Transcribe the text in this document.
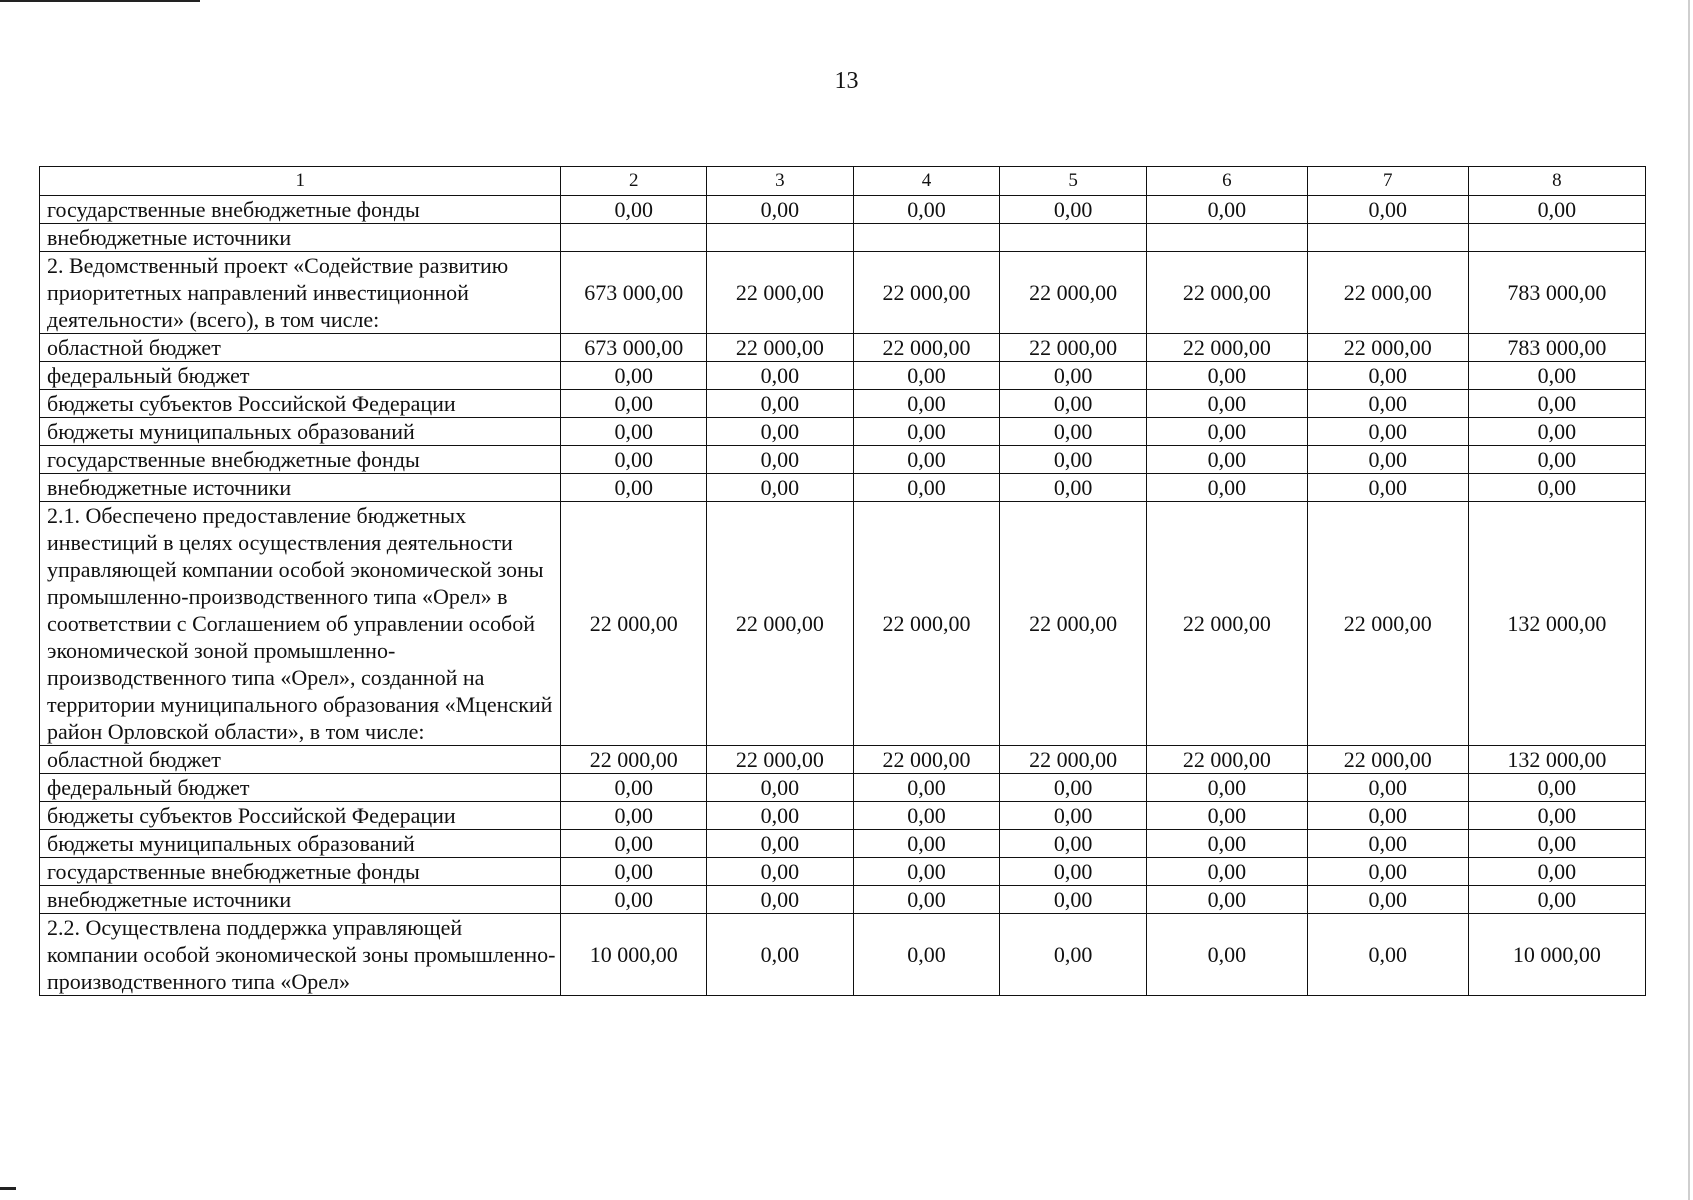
13
1	2	3	4	5	6	7	8
государственные внебюджетные фонды	0,00	0,00	0,00	0,00	0,00	0,00	0,00
внебюджетные источники							
2. Ведомственный проект «Содействие развитию приоритетных направлений инвестиционной деятельности» (всего), в том числе:	673 000,00	22 000,00	22 000,00	22 000,00	22 000,00	22 000,00	783 000,00
областной бюджет	673 000,00	22 000,00	22 000,00	22 000,00	22 000,00	22 000,00	783 000,00
федеральный бюджет	0,00	0,00	0,00	0,00	0,00	0,00	0,00
бюджеты субъектов Российской Федерации	0,00	0,00	0,00	0,00	0,00	0,00	0,00
бюджеты муниципальных образований	0,00	0,00	0,00	0,00	0,00	0,00	0,00
государственные внебюджетные фонды	0,00	0,00	0,00	0,00	0,00	0,00	0,00
внебюджетные источники	0,00	0,00	0,00	0,00	0,00	0,00	0,00
2.1. Обеспечено предоставление бюджетных инвестиций в целях осуществления деятельности управляющей компании особой экономической зоны промышленно-производственного типа «Орел» в соответствии с Соглашением об управлении особой экономической зоной промышленно-производственного типа «Орел», созданной на территории муниципального образования «Мценский район Орловской области», в том числе:	22 000,00	22 000,00	22 000,00	22 000,00	22 000,00	22 000,00	132 000,00
областной бюджет	22 000,00	22 000,00	22 000,00	22 000,00	22 000,00	22 000,00	132 000,00
федеральный бюджет	0,00	0,00	0,00	0,00	0,00	0,00	0,00
бюджеты субъектов Российской Федерации	0,00	0,00	0,00	0,00	0,00	0,00	0,00
бюджеты муниципальных образований	0,00	0,00	0,00	0,00	0,00	0,00	0,00
государственные внебюджетные фонды	0,00	0,00	0,00	0,00	0,00	0,00	0,00
внебюджетные источники	0,00	0,00	0,00	0,00	0,00	0,00	0,00
2.2. Осуществлена поддержка управляющей компании особой экономической зоны промышленно-производственного типа «Орел»	10 000,00	0,00	0,00	0,00	0,00	0,00	10 000,00
